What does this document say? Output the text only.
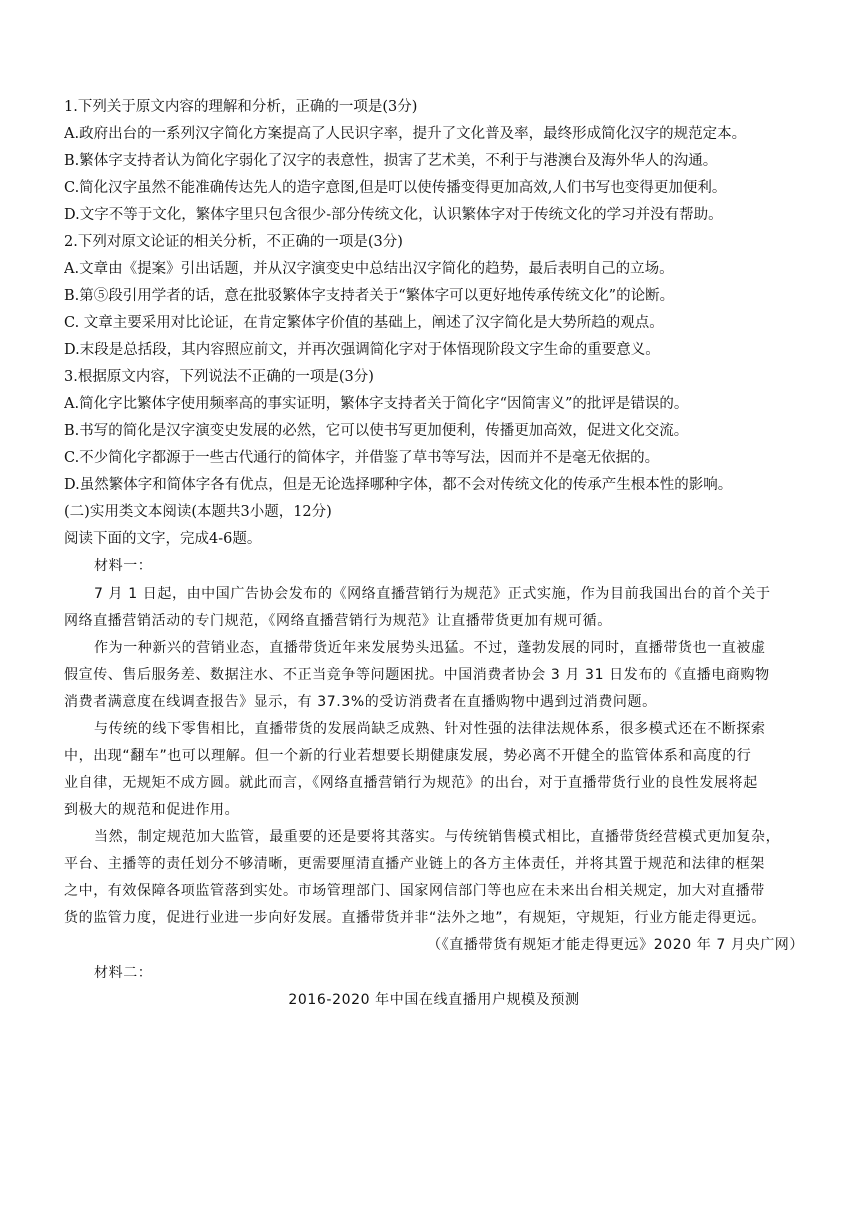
1.下列关于原文内容的理解和分析，正确的一项是(3分)
A.政府出台的一系列汉字简化方案提高了人民识字率，提升了文化普及率，最终形成简化汉字的规范定本。
B.繁体字支持者认为简化字弱化了汉字的表意性，损害了艺术美，不利于与港澳台及海外华人的沟通。
C.简化汉字虽然不能准确传达先人的造字意图,但是叮以使传播变得更加高效,人们书写也变得更加便利。
D.文字不等于文化，繁体字里只包含很少-部分传统文化，认识繁体字对于传统文化的学习并没有帮助。
2.下列对原文论证的相关分析，不正确的一项是(3分)
A.文章由《提案》引出话题，并从汉字演变史中总结出汉字简化的趋势，最后表明自己的立场。
B.第⑤段引用学者的话，意在批驳繁体字支持者关于“繁体字可以更好地传承传统文化”的论断。
C. 文章主要采用对比论证，在肯定繁体字价值的基础上，阐述了汉字简化是大势所趋的观点。
D.末段是总括段，其内容照应前文，并再次强调简化字对于体悟现阶段文字生命的重要意义。
3.根据原文内容，下列说法不正确的一项是(3分)
A.简化字比繁体字使用频率高的事实证明，繁体字支持者关于简化字“因简害义”的批评是错误的。
B.书写的简化是汉字演变史发展的必然，它可以使书写更加便利，传播更加高效，促进文化交流。
C.不少简化字都源于一些古代通行的简体字，并借鉴了草书等写法，因而并不是毫无依据的。
D.虽然繁体字和简体字各有优点，但是无论选择哪种字体，都不会对传统文化的传承产生根本性的影响。
(二)实用类文本阅读(本题共3小题，12分)
阅读下面的文字，完成4-6题。
材料一：
7 月 1 日起，由中国广告协会发布的《网络直播营销行为规范》正式实施，作为目前我国出台的首个关于
网络直播营销活动的专门规范，《网络直播营销行为规范》让直播带货更加有规可循。
作为一种新兴的营销业态，直播带货近年来发展势头迅猛。不过，蓬勃发展的同时，直播带货也一直被虚
假宣传、售后服务差、数据注水、不正当竞争等问题困扰。中国消费者协会 3 月 31 日发布的《直播电商购物
消费者满意度在线调查报告》显示，有 37.3%的受访消费者在直播购物中遇到过消费问题。
与传统的线下零售相比，直播带货的发展尚缺乏成熟、针对性强的法律法规体系，很多模式还在不断探索
中，出现“翻车”也可以理解。但一个新的行业若想要长期健康发展，势必离不开健全的监管体系和高度的行
业自律，无规矩不成方圆。就此而言，《网络直播营销行为规范》的出台，对于直播带货行业的良性发展将起
到极大的规范和促进作用。
当然，制定规范加大监管，最重要的还是要将其落实。与传统销售模式相比，直播带货经营模式更加复杂，
平台、主播等的责任划分不够清晰，更需要厘清直播产业链上的各方主体责任，并将其置于规范和法律的框架
之中，有效保障各项监管落到实处。市场管理部门、国家网信部门等也应在未来出台相关规定，加大对直播带
货的监管力度，促进行业进一步向好发展。直播带货并非“法外之地”，有规矩，守规矩，行业方能走得更远。
（《直播带货有规矩才能走得更远》2020 年 7 月央广网）
材料二：
2016-2020 年中国在线直播用户规模及预测
